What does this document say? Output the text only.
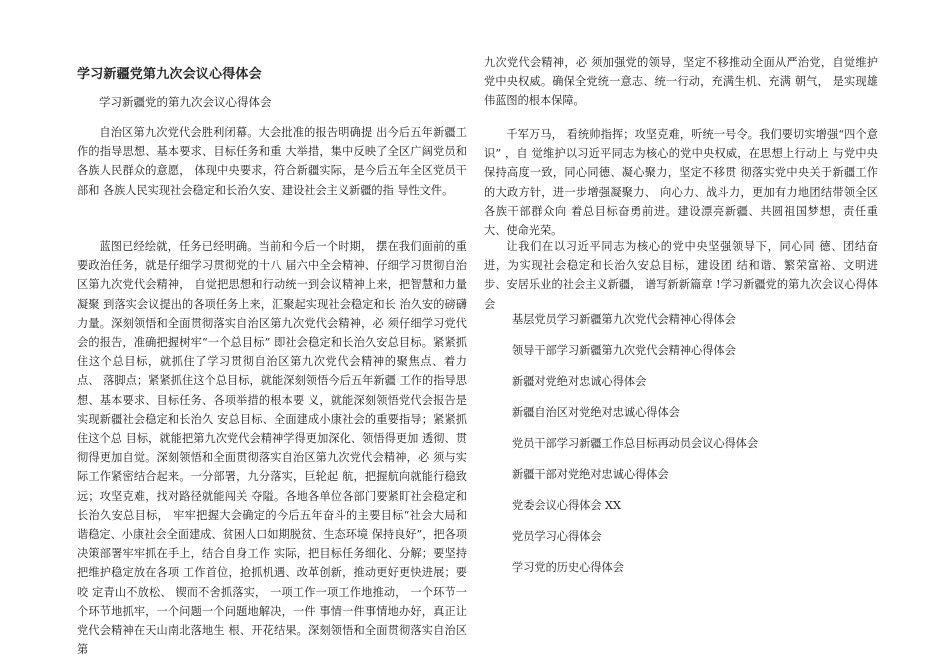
学习新疆党第九次会议心得体会
学习新疆党的第九次会议心得体会

自治区第九次党代会胜利闭幕。大会批准的报告明确提 出今后五年新疆工作的指导思想、基本要求、目标任务和重 大举措，集中反映了全区广阔党员和各族人民群众的意愿， 体现中央要求，符合新疆实际，是今后五年全区党员干部和 各族人民实现社会稳定和长治久安、建设社会主义新疆的指 导性文件。

蓝图已经绘就，任务已经明确。当前和今后一个时期， 摆在我们面前的重要政治任务，就是仔细学习贯彻党的十八 届六中全会精神、仔细学习贯彻自治区第九次党代会精神， 自觉把思想和行动统一到会议精神上来，把智慧和力量凝聚 到落实会议提出的各项任务上来，汇聚起实现社会稳定和长 治久安的磅礴力量。深刻领悟和全面贯彻落实自治区第九次党代会精神，必 须仔细学习党代会的报告，准确把握树牢“一个总目标” 即社会稳定和长治久安总目标。紧紧抓住这个总目标，就抓住了学习贯彻自治区第九次党代会精神的聚焦点、着力点、 落脚点；紧紧抓住这个总目标，就能深刻领悟今后五年新疆 工作的指导思想、基本要求、目标任务、各项举措的根本要 义，就能深刻领悟党代会报告是实现新疆社会稳定和长治久 安总目标、全面建成小康社会的重要指导；紧紧抓住这个总 目标，就能把第九次党代会精神学得更加深化、领悟得更加 透彻、贯彻得更加自觉。深刻领悟和全面贯彻落实自治区第九次党代会精神，必 须与实际工作紧密结合起来。一分部署，九分落实，巨轮起 航，把握航向就能行稳致远；攻坚克难，找对路径就能闯关 夺隘。各地各单位各部门要紧盯社会稳定和长治久安总目标， 牢牢把握大会确定的今后五年奋斗的主要目标“社会大局和 谐稳定、小康社会全面建成、贫困人口如期脱贫、生态环境 保持良好”，把各项决策部署牢牢抓在手上，结合自身工作 实际，把目标任务细化、分解；要坚持把维护稳定放在各项 工作首位，抢抓机遇、改革创新，推动更好更快进展；要咬 定青山不放松、 锲而不舍抓落实， 一项工作一项工作地推动， 一个环节一个环节地抓牢，一个问题一个问题地解决，一件 事情一件事情地办好，真正让党代会精神在天山南北落地生 根、开花结果。深刻领悟和全面贯彻落实自治区第

九次党代会精神，必 须加强党的领导，坚定不移推动全面从严治党，自觉维护党中央权威。确保全党统一意志、统一行动，充满生机、充满 朝气， 是实现雄伟蓝图的根本保障。

千军万马， 看统帅指挥；攻坚克难，听统一号令。我们要切实增强“四个意识” ，自 觉维护以习近平同志为核心的党中央权威，在思想上行动上 与党中央保持高度一致，同心同德、凝心聚力，坚定不移贯 彻落实党中央关于新疆工作的大政方针，进一步增强凝聚力、 向心力、战斗力，更加有力地团结带领全区各族干部群众向 着总目标奋勇前进。建设漂亮新疆、共圆祖国梦想，责任重大、使命光荣。

让我们在以习近平同志为核心的党中央坚强领导下，同心同 德、团结奋进，为实现社会稳定和长治久安总目标，建设团 结和谐、繁荣富裕、文明进步、安居乐业的社会主义新疆， 谱写新新篇章 !学习新疆党的第九次会议心得体会

基层党员学习新疆第九次党代会精神心得体会
领导干部学习新疆第九次党代会精神心得体会
新疆对党绝对忠诚心得体会
新疆自治区对党绝对忠诚心得体会
党员干部学习新疆工作总目标再动员会议心得体会
新疆干部对党绝对忠诚心得体会
党委会议心得体会 XX
党员学习心得体会
学习党的历史心得体会
